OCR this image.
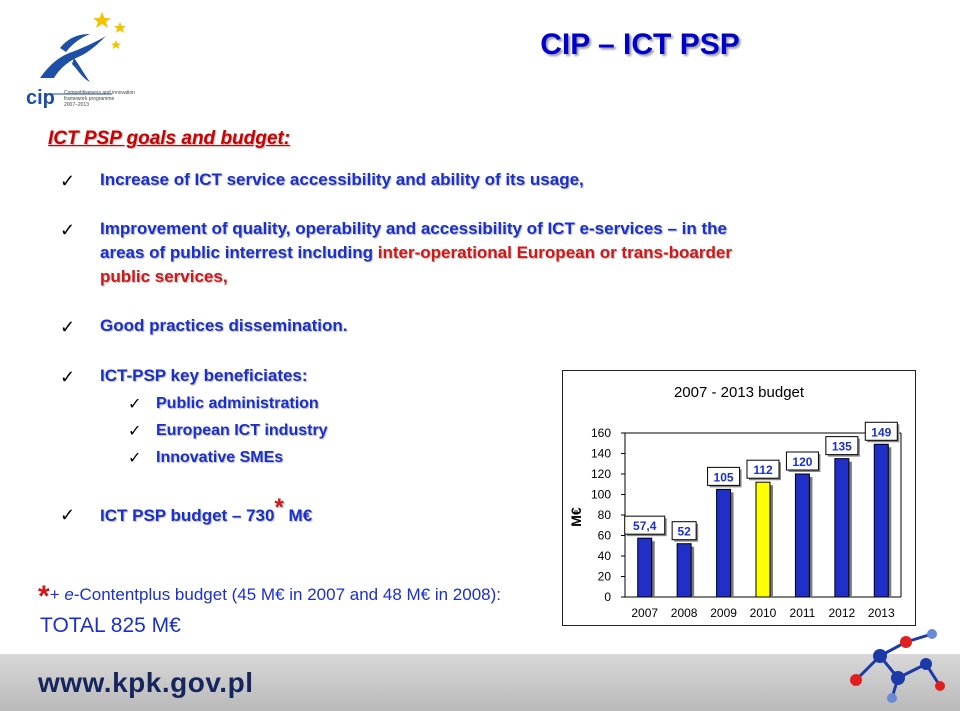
cip Competitiveness and innovation
framework programme
2007–2013
CIP – ICT PSP
ICT PSP goals and budget:
✓ Increase of ICT service accessibility and ability of its usage,
✓ Improvement of quality, operability and accessibility of ICT e-services – in the
areas of public interrest including inter-operational European or trans-boarder
public services,
✓ Good practices dissemination.
✓ ICT-PSP key beneficiates:
✓ Public administration
✓ European ICT industry
✓ Innovative SMEs
✓ ICT PSP budget – 730* M€
*+ e-Contentplus budget (45 M€ in 2007 and 48 M€ in 2008):
TOTAL 825 M€
2007 - 2013 budget
M€
0
20
40
60
80
100
120
140
160
57,4
2007
52
2008
105
2009
112
2010
120
2011
135
2012
149
2013
www.kpk.gov.pl
